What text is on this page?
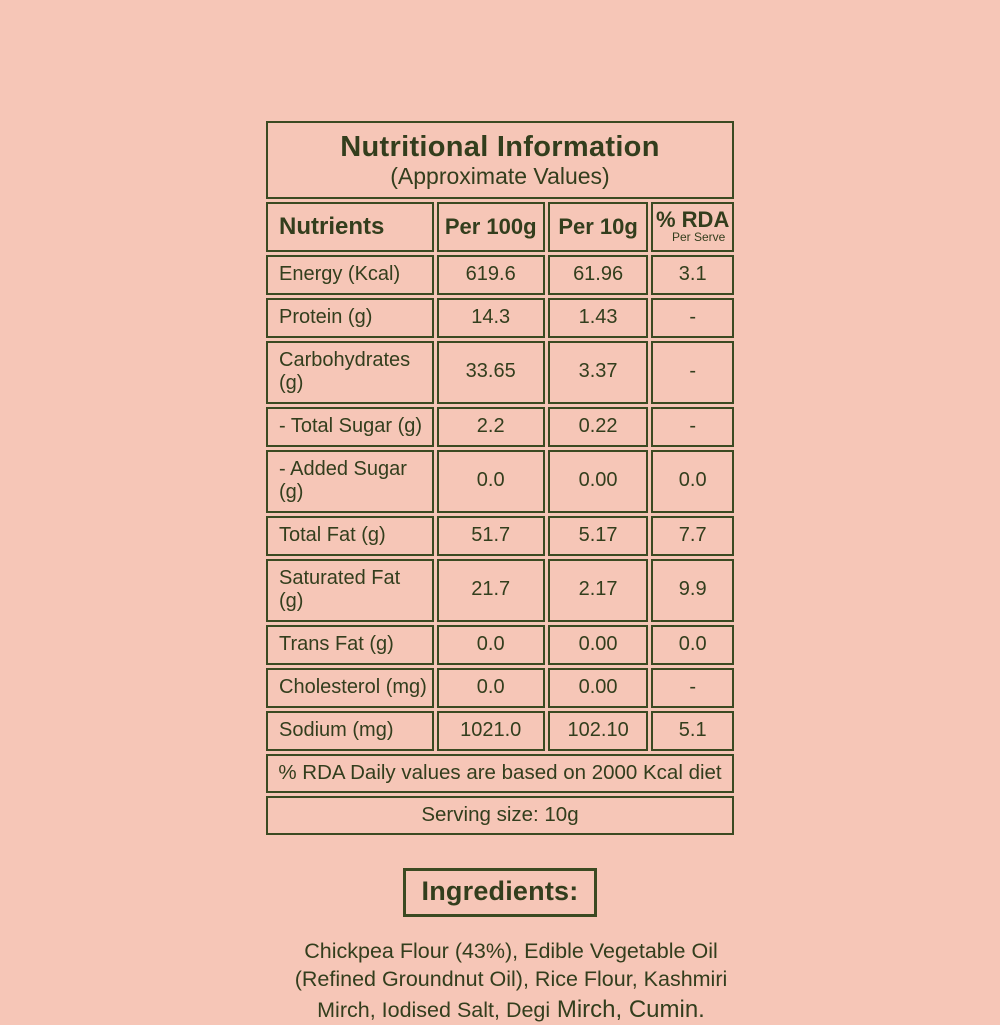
Nutritional Information
(Approximate Values)			

Nutrients	Per 100g	Per 10g	% RDA
Per Serve

Energy (Kcal)	619.6	61.96	3.1
Protein (g)	14.3	1.43	-
Carbohydrates (g)	33.65	3.37	-
- Total Sugar (g)	2.2	0.22	-
- Added Sugar (g)	0.0	0.00	0.0
Total Fat (g)	51.7	5.17	7.7
Saturated Fat (g)	21.7	2.17	9.9
Trans Fat (g)	0.0	0.00	0.0
Cholesterol (mg)	0.0	0.00	-
Sodium (mg)	1021.0	102.10	5.1
% RDA Daily values are based on 2000 Kcal diet			
Serving size: 10g			
Ingredients:
Chickpea Flour (43%), Edible Vegetable Oil (Refined Groundnut Oil), Rice Flour, Kashmiri Mirch, Iodised Salt, Degi Mirch, Cumin.
